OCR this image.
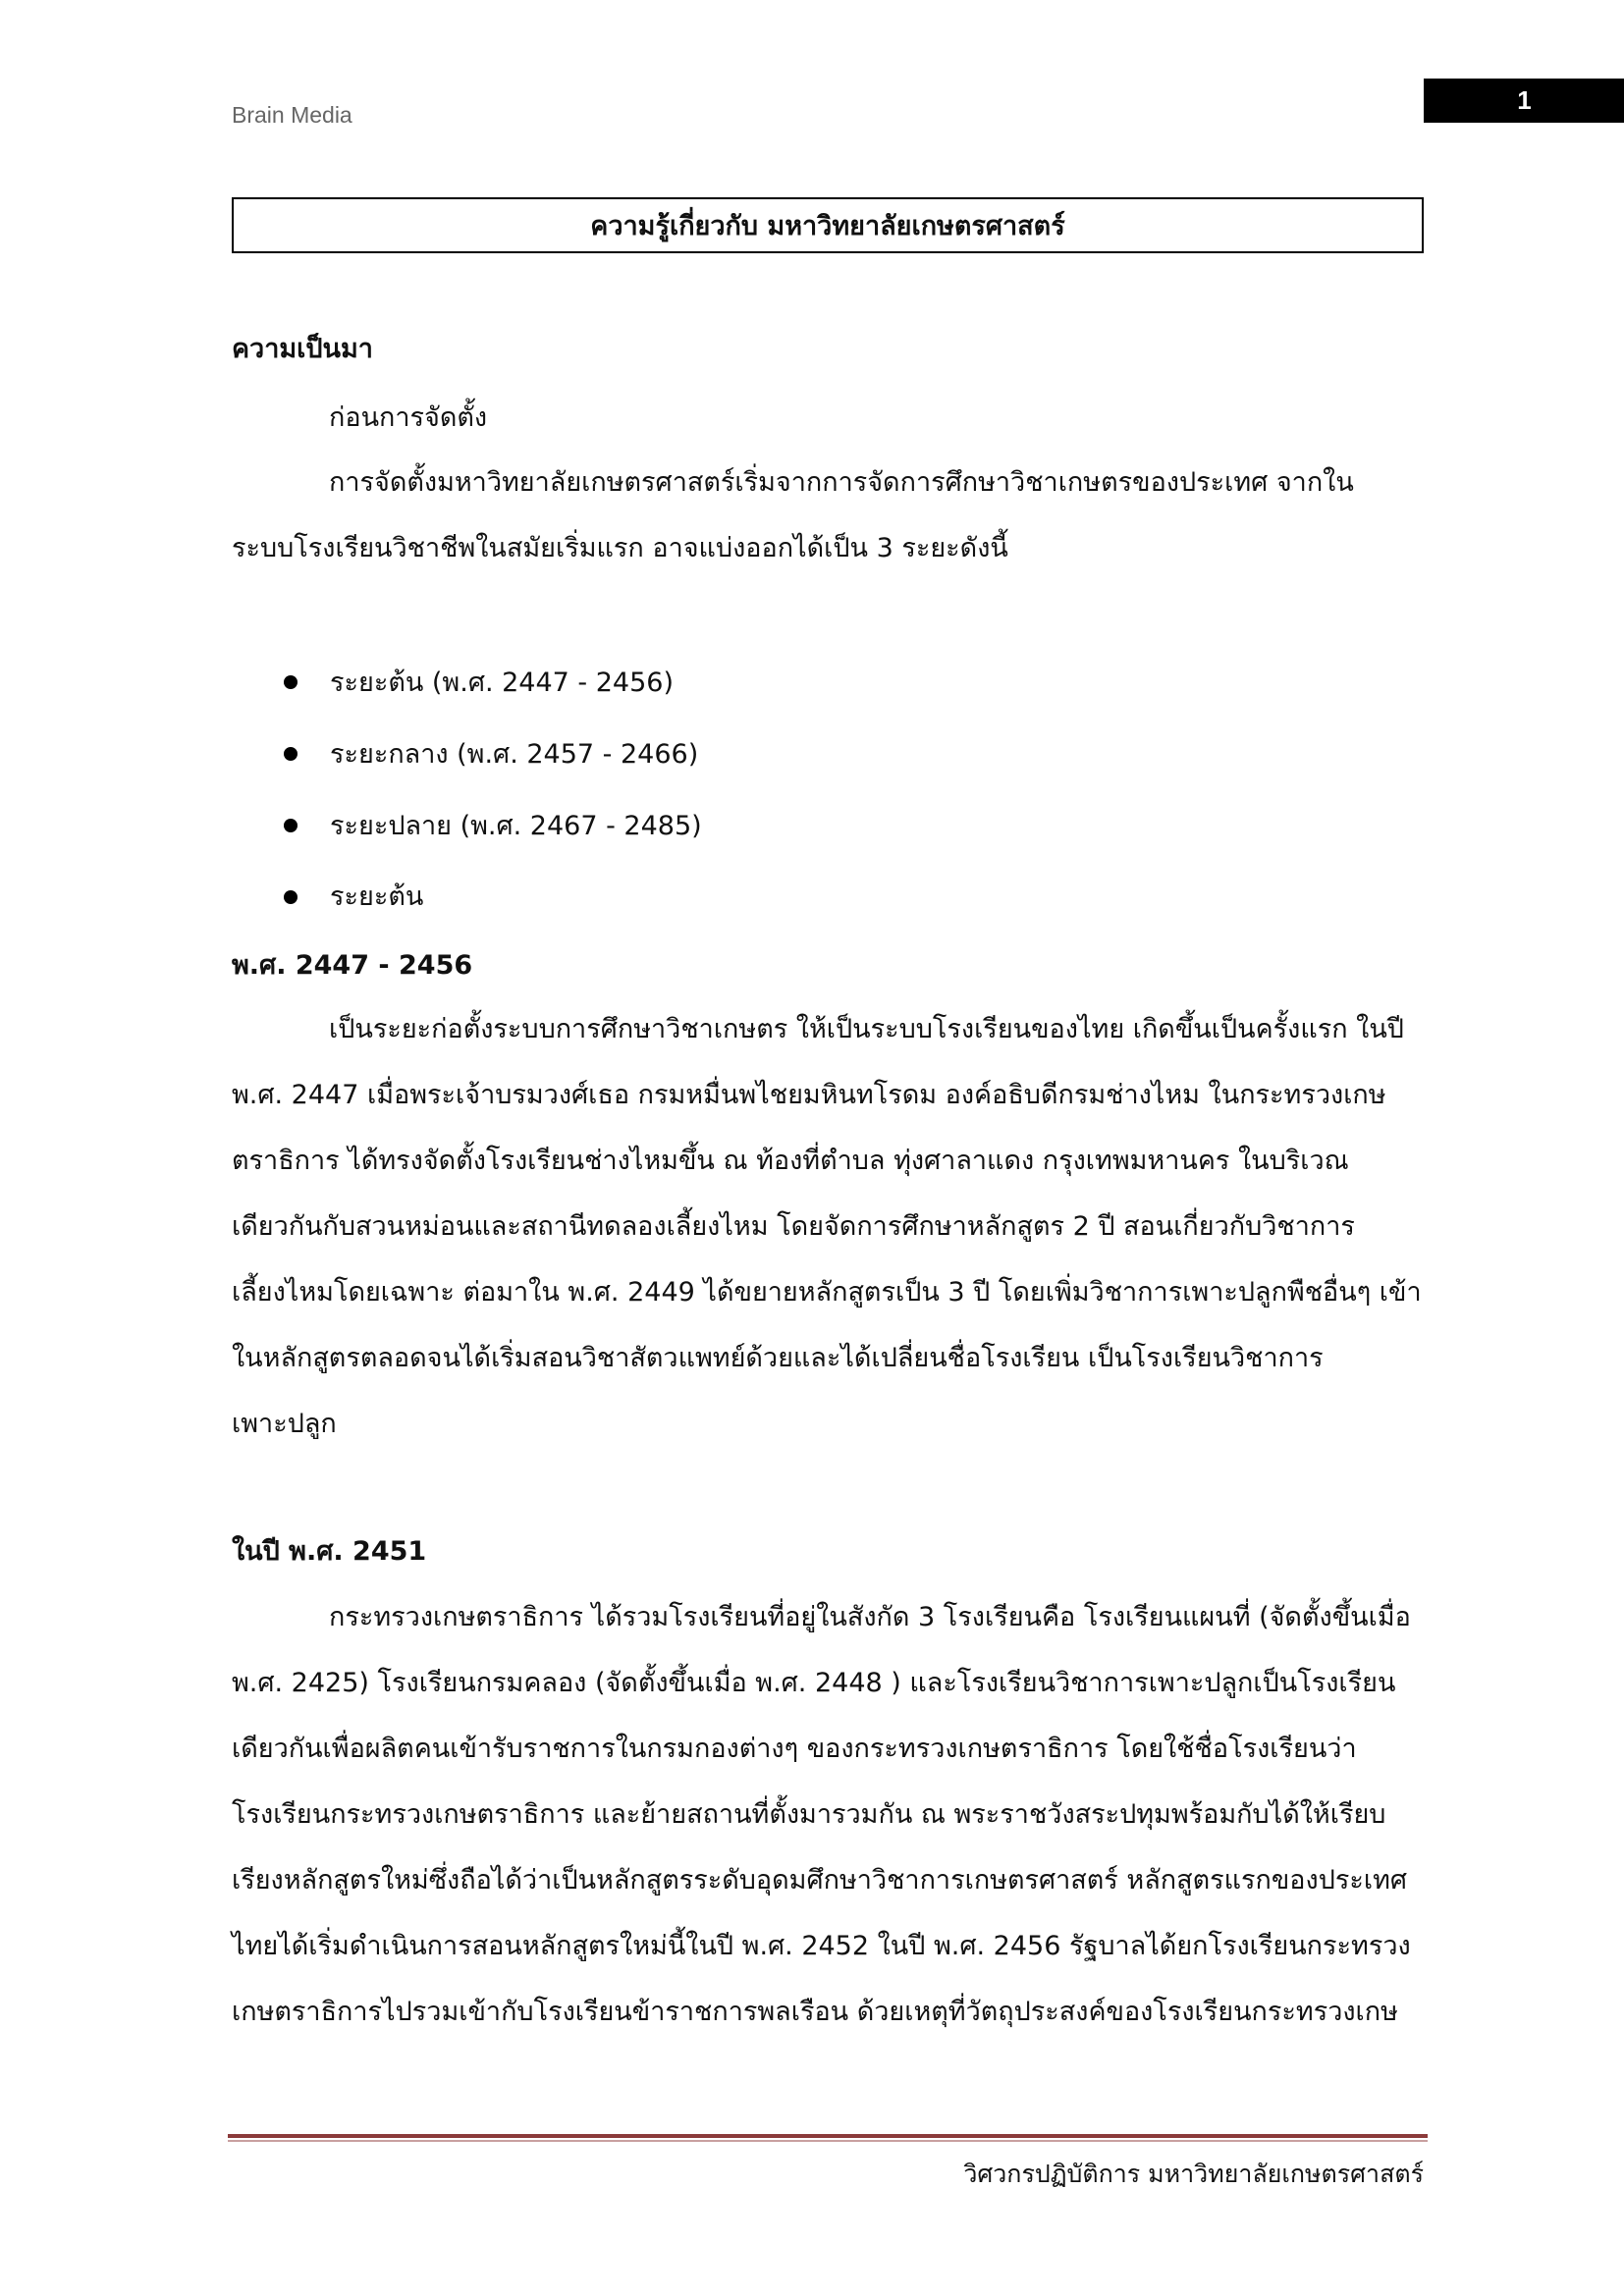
Brain Media	1
ความรู้เกี่ยวกับ มหาวิทยาลัยเกษตรศาสตร์
ความเป็นมา
ก่อนการจัดตั้ง
การจัดตั้งมหาวิทยาลัยเกษตรศาสตร์เริ่มจากการจัดการศึกษาวิชาเกษตรของประเทศ จากใน
ระบบโรงเรียนวิชาชีพในสมัยเริ่มแรก อาจแบ่งออกได้เป็น 3 ระยะดังนี้
ระยะต้น (พ.ศ. 2447 - 2456)
ระยะกลาง (พ.ศ. 2457 - 2466)
ระยะปลาย (พ.ศ. 2467 - 2485)
ระยะต้น
พ.ศ. 2447 - 2456
เป็นระยะก่อตั้งระบบการศึกษาวิชาเกษตร ให้เป็นระบบโรงเรียนของไทย เกิดขึ้นเป็นครั้งแรก ในปี
พ.ศ. 2447 เมื่อพระเจ้าบรมวงศ์เธอ กรมหมื่นพไชยมหินทโรดม องค์อธิบดีกรมช่างไหม ในกระทรวงเกษ
ตราธิการ ได้ทรงจัดตั้งโรงเรียนช่างไหมขึ้น ณ ท้องที่ตำบล ทุ่งศาลาแดง กรุงเทพมหานคร ในบริเวณ
เดียวกันกับสวนหม่อนและสถานีทดลองเลี้ยงไหม โดยจัดการศึกษาหลักสูตร 2 ปี สอนเกี่ยวกับวิชาการ
เลี้ยงไหมโดยเฉพาะ ต่อมาใน พ.ศ. 2449 ได้ขยายหลักสูตรเป็น 3 ปี โดยเพิ่มวิชาการเพาะปลูกพืชอื่นๆ เข้า
ในหลักสูตรตลอดจนได้เริ่มสอนวิชาสัตวแพทย์ด้วยและได้เปลี่ยนชื่อโรงเรียน เป็นโรงเรียนวิชาการ
เพาะปลูก
ในปี พ.ศ. 2451
กระทรวงเกษตราธิการ ได้รวมโรงเรียนที่อยู่ในสังกัด 3 โรงเรียนคือ โรงเรียนแผนที่ (จัดตั้งขึ้นเมื่อ
พ.ศ. 2425) โรงเรียนกรมคลอง (จัดตั้งขึ้นเมื่อ พ.ศ. 2448 ) และโรงเรียนวิชาการเพาะปลูกเป็นโรงเรียน
เดียวกันเพื่อผลิตคนเข้ารับราชการในกรมกองต่างๆ ของกระทรวงเกษตราธิการ โดยใช้ชื่อโรงเรียนว่า
โรงเรียนกระทรวงเกษตราธิการ และย้ายสถานที่ตั้งมารวมกัน ณ พระราชวังสระปทุมพร้อมกับได้ให้เรียบ
เรียงหลักสูตรใหม่ซึ่งถือได้ว่าเป็นหลักสูตรระดับอุดมศึกษาวิชาการเกษตรศาสตร์ หลักสูตรแรกของประเทศ
ไทยได้เริ่มดำเนินการสอนหลักสูตรใหม่นี้ในปี พ.ศ. 2452 ในปี พ.ศ. 2456 รัฐบาลได้ยกโรงเรียนกระทรวง
เกษตราธิการไปรวมเข้ากับโรงเรียนข้าราชการพลเรือน ด้วยเหตุที่วัตถุประสงค์ของโรงเรียนกระทรวงเกษ
วิศวกรปฏิบัติการ มหาวิทยาลัยเกษตรศาสตร์
